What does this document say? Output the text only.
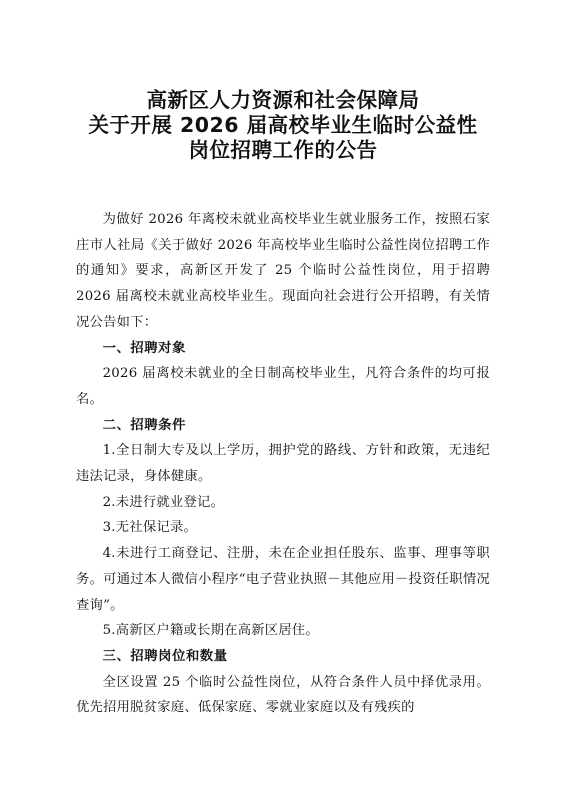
高新区人力资源和社会保障局
关于开展 2026 届高校毕业生临时公益性
岗位招聘工作的公告

为做好 2026 年离校未就业高校毕业生就业服务工作，按照石家庄市人社局《关于做好 2026 年高校毕业生临时公益性岗位招聘工作的通知》要求，高新区开发了 25 个临时公益性岗位，用于招聘 2026 届离校未就业高校毕业生。现面向社会进行公开招聘，有关情况公告如下：

一、招聘对象

2026 届离校未就业的全日制高校毕业生，凡符合条件的均可报名。

二、招聘条件

1.全日制大专及以上学历，拥护党的路线、方针和政策，无违纪违法记录，身体健康。

2.未进行就业登记。

3.无社保记录。

4.未进行工商登记、注册，未在企业担任股东、监事、理事等职务。可通过本人微信小程序“电子营业执照－其他应用－投资任职情况查询”。

5.高新区户籍或长期在高新区居住。

三、招聘岗位和数量

全区设置 25 个临时公益性岗位，从符合条件人员中择优录用。优先招用脱贫家庭、低保家庭、零就业家庭以及有残疾的
